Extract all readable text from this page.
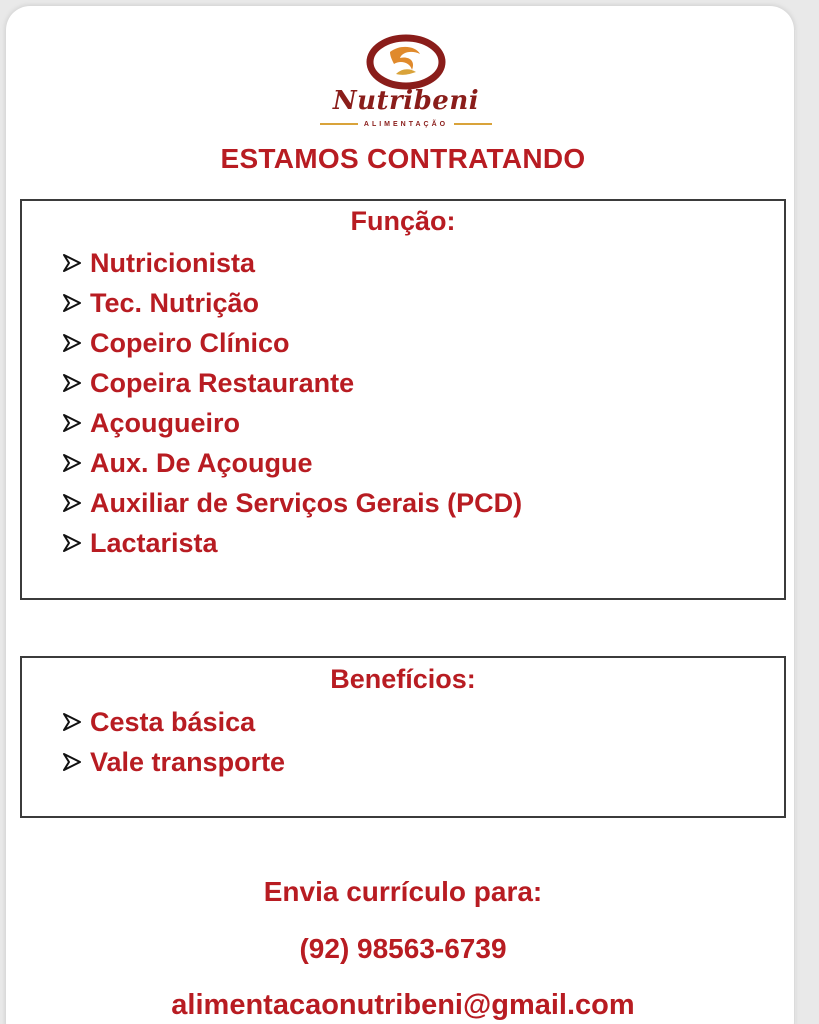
Nutribeni
ALIMENTAÇÃO
ESTAMOS CONTRATANDO
Função:
Nutricionista
Tec. Nutrição
Copeiro Clínico
Copeira Restaurante
Açougueiro
Aux. De Açougue
Auxiliar de Serviços Gerais (PCD)
Lactarista
Benefícios:
Cesta básica
Vale transporte
Envia currículo para:
(92) 98563-6739
alimentacaonutribeni@gmail.com
